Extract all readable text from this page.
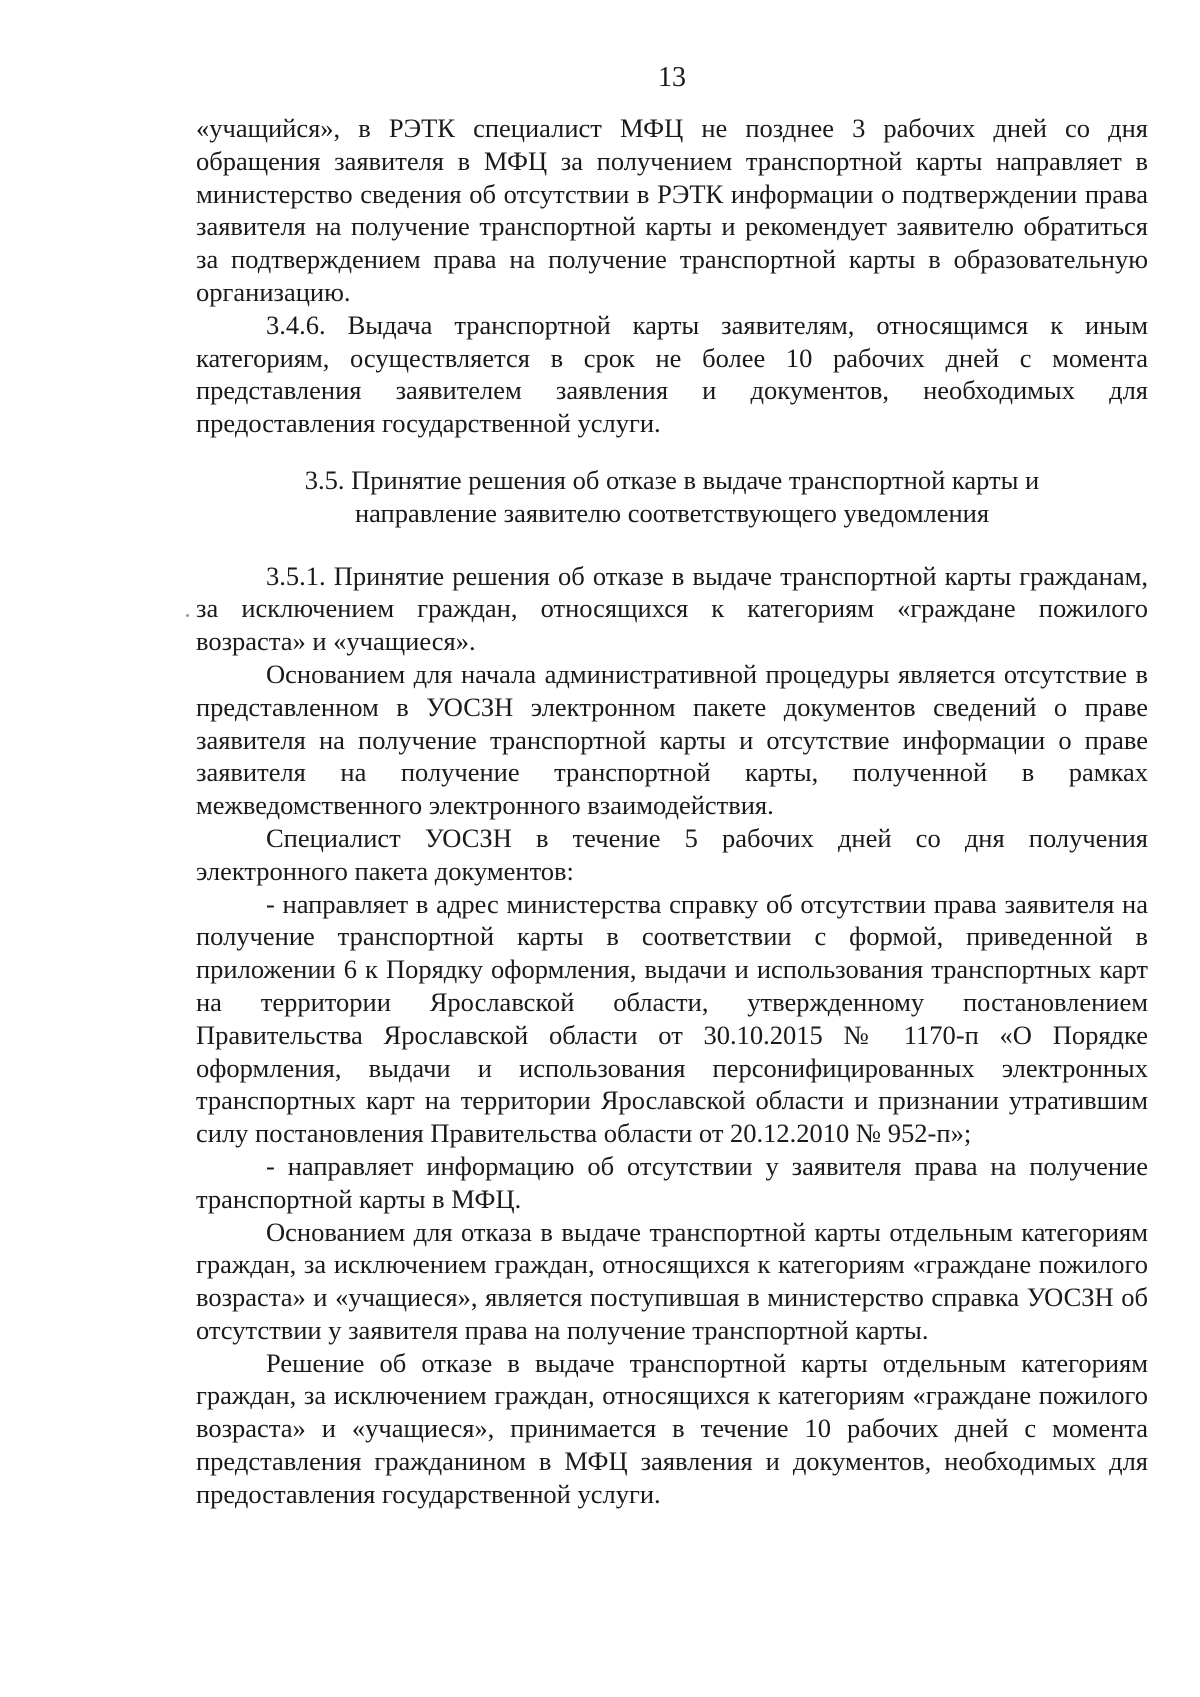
13

«учащийся», в РЭТК специалист МФЦ не позднее 3 рабочих дней со дня обращения заявителя в МФЦ за получением транспортной карты направляет в министерство сведения об отсутствии в РЭТК информации о подтверждении права заявителя на получение транспортной карты и рекомендует заявителю обратиться за подтверждением права на получение транспортной карты в образовательную организацию.

3.4.6. Выдача транспортной карты заявителям, относящимся к иным категориям, осуществляется в срок не более 10 рабочих дней с момента представления заявителем заявления и документов, необходимых для предоставления государственной услуги.

3.5. Принятие решения об отказе в выдаче транспортной карты и
направление заявителю соответствующего уведомления

3.5.1. Принятие решения об отказе в выдаче транспортной карты гражданам, за исключением граждан, относящихся к категориям «граждане пожилого возраста» и «учащиеся».

Основанием для начала административной процедуры является отсутствие в представленном в УОСЗН электронном пакете документов сведений о праве заявителя на получение транспортной карты и отсутствие информации о праве заявителя на получение транспортной карты, полученной в рамках межведомственного электронного взаимодействия.

Специалист УОСЗН в течение 5 рабочих дней со дня получения электронного пакета документов:

- направляет в адрес министерства справку об отсутствии права заявителя на получение транспортной карты в соответствии с формой, приведенной в приложении 6 к Порядку оформления, выдачи и использования транспортных карт на территории Ярославской области, утвержденному постановлением Правительства Ярославской области от 30.10.2015 № 1170-п «О Порядке оформления, выдачи и использования персонифицированных электронных транспортных карт на территории Ярославской области и признании утратившим силу постановления Правительства области от 20.12.2010 № 952-п»;

- направляет информацию об отсутствии у заявителя права на получение транспортной карты в МФЦ.

Основанием для отказа в выдаче транспортной карты отдельным категориям граждан, за исключением граждан, относящихся к категориям «граждане пожилого возраста» и «учащиеся», является поступившая в министерство справка УОСЗН об отсутствии у заявителя права на получение транспортной карты.

Решение об отказе в выдаче транспортной карты отдельным категориям граждан, за исключением граждан, относящихся к категориям «граждане пожилого возраста» и «учащиеся», принимается в течение 10 рабочих дней с момента представления гражданином в МФЦ заявления и документов, необходимых для предоставления государственной услуги.
